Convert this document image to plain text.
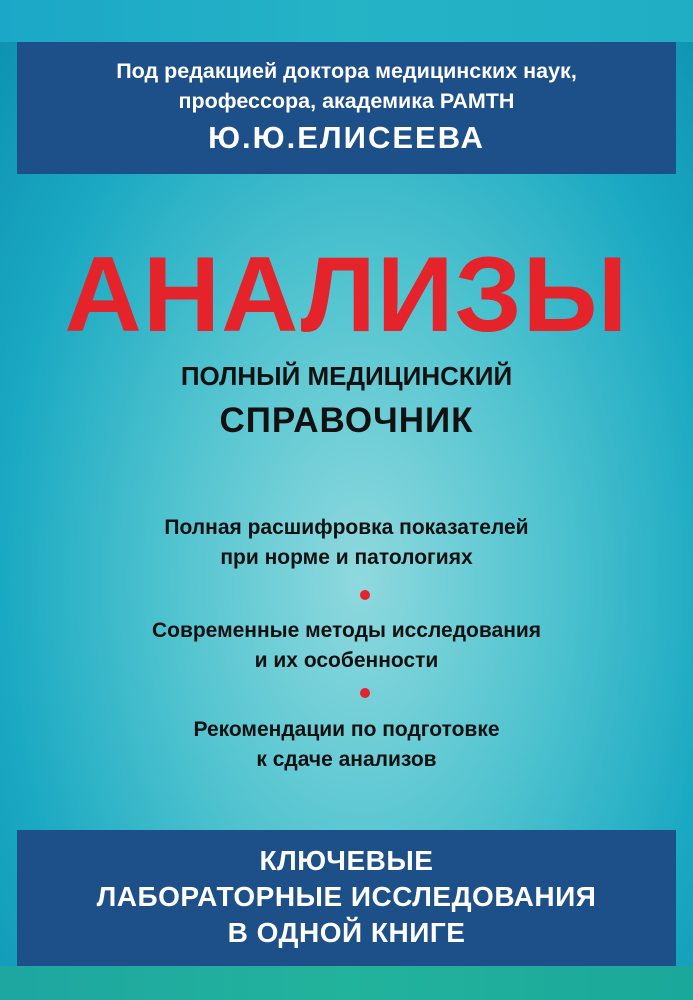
Под редакцией доктора медицинских наук,
профессора, академика РАМТН
Ю.Ю.ЕЛИСЕЕВА
АНАЛИЗЫ
ПОЛНЫЙ МЕДИЦИНСКИЙ
СПРАВОЧНИК
Полная расшифровка показателей
при норме и патологиях
Современные методы исследования
и их особенности
Рекомендации по подготовке
к сдаче анализов
КЛЮЧЕВЫЕ
ЛАБОРАТОРНЫЕ ИССЛЕДОВАНИЯ
В ОДНОЙ КНИГЕ
